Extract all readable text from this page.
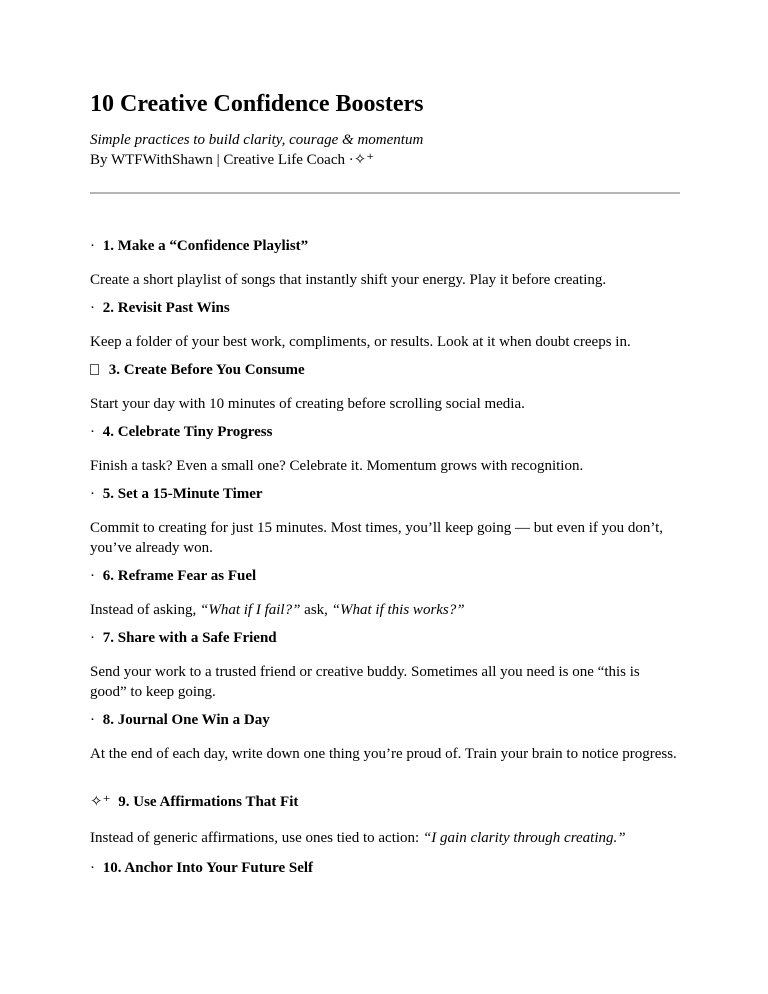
10 Creative Confidence Boosters

Simple practices to build clarity, courage & momentum

By WTFWithShawn | Creative Life Coach ·✧⁺

· 1. Make a “Confidence Playlist”

Create a short playlist of songs that instantly shift your energy. Play it before creating.

· 2. Revisit Past Wins

Keep a folder of your best work, compliments, or results. Look at it when doubt creeps in.

3. Create Before You Consume

Start your day with 10 minutes of creating before scrolling social media.

· 4. Celebrate Tiny Progress

Finish a task? Even a small one? Celebrate it. Momentum grows with recognition.

· 5. Set a 15-Minute Timer

Commit to creating for just 15 minutes. Most times, you’ll keep going — but even if you don’t, you’ve already won.

· 6. Reframe Fear as Fuel

Instead of asking, “What if I fail?” ask, “What if this works?”

· 7. Share with a Safe Friend

Send your work to a trusted friend or creative buddy. Sometimes all you need is one “this is good” to keep going.

· 8. Journal One Win a Day

At the end of each day, write down one thing you’re proud of. Train your brain to notice progress.

✧⁺ 9. Use Affirmations That Fit

Instead of generic affirmations, use ones tied to action: “I gain clarity through creating.”

· 10. Anchor Into Your Future Self
